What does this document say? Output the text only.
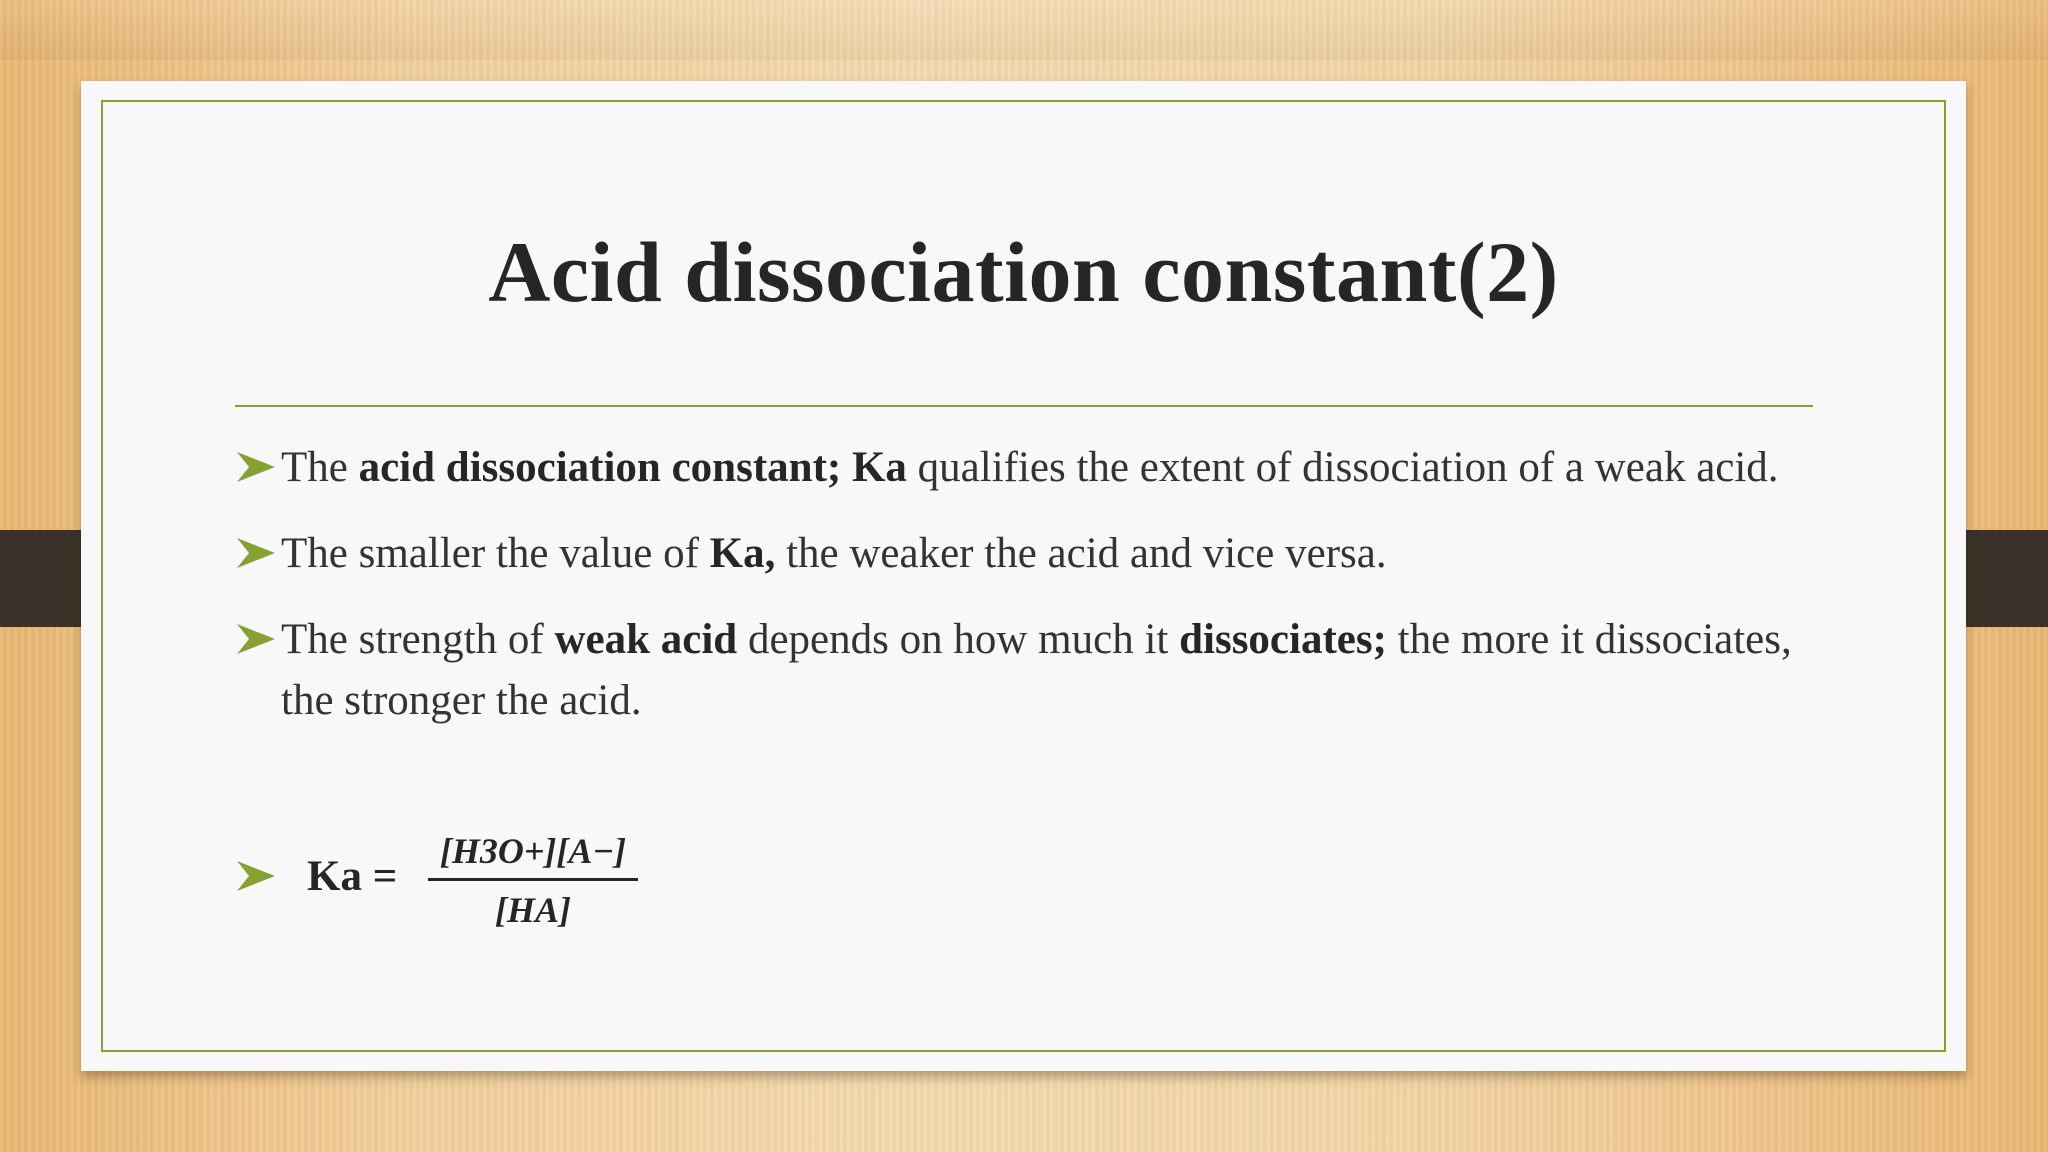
Acid dissociation constant(2)
The acid dissociation constant; Ka qualifies the extent of dissociation of a weak acid.
The smaller the value of Ka, the weaker the acid and vice versa.
The strength of weak acid depends on how much it dissociates; the more it dissociates, the stronger the acid.
Ka =
[H3O+][A−]
[HA]
